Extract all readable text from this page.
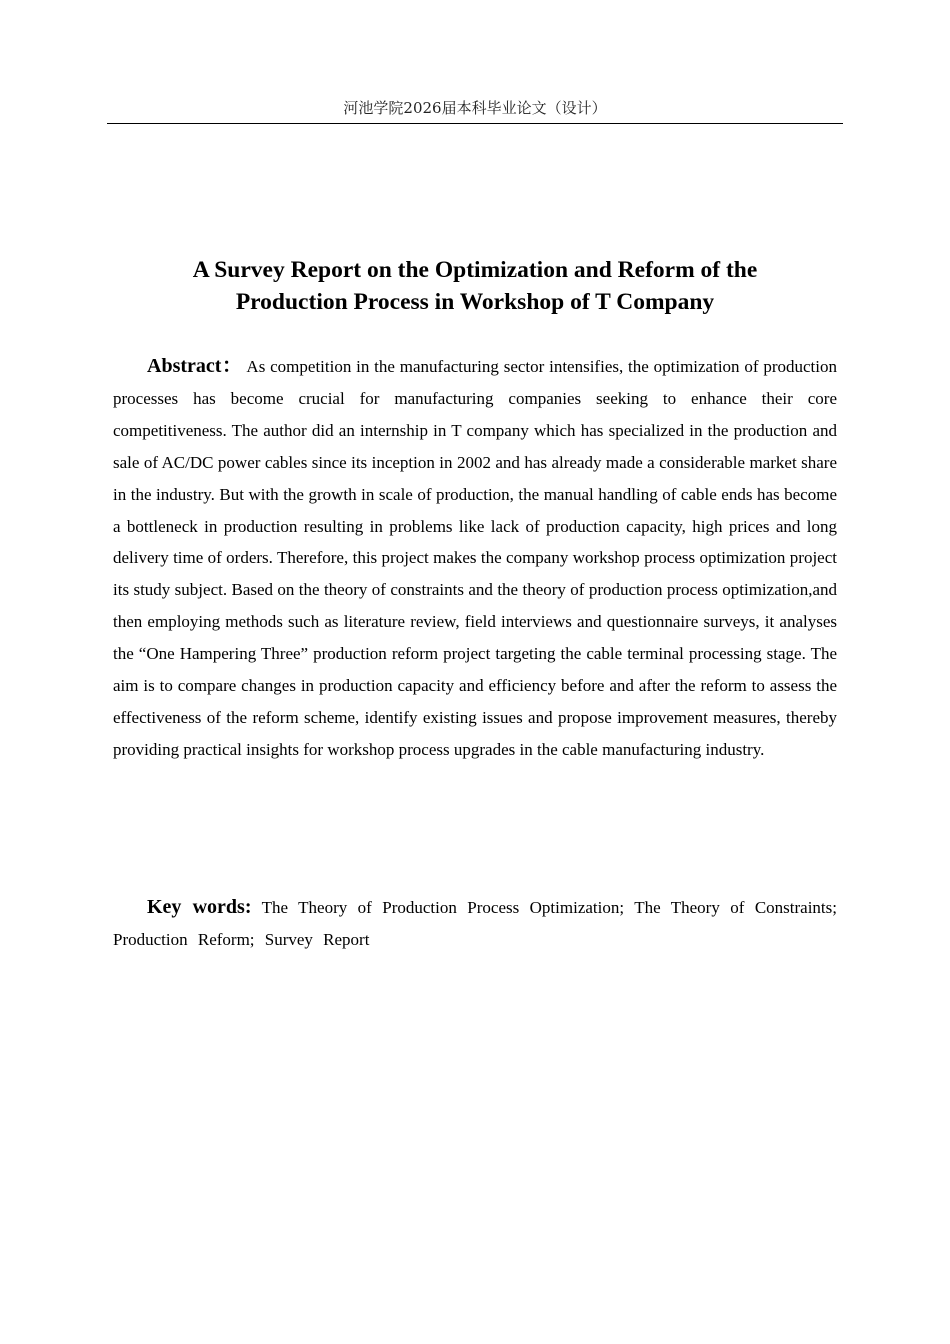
河池学院2026届本科毕业论文（设计）
A Survey Report on the Optimization and Reform of the
Production Process in Workshop of T Company

Abstract： As competition in the manufacturing sector intensifies, the optimization of production processes has become crucial for manufacturing companies seeking to enhance their core competitiveness. The author did an internship in T company which has specialized in the production and sale of AC/DC power cables since its inception in 2002 and has already made a considerable market share in the industry. But with the growth in scale of production, the manual handling of cable ends has become a bottleneck in production resulting in problems like lack of production capacity, high prices and long delivery time of orders. Therefore, this project makes the company workshop process optimization project its study subject. Based on the theory of constraints and the theory of production process optimization,and then employing methods such as literature review, field interviews and questionnaire surveys, it analyses the “One Hampering Three” production reform project targeting the cable terminal processing stage. The aim is to compare changes in production capacity and efficiency before and after the reform to assess the effectiveness of the reform scheme, identify existing issues and propose improvement measures, thereby providing practical insights for workshop process upgrades in the cable manufacturing industry.

Key words: The Theory of Production Process Optimization; The Theory of Constraints; Production Reform; Survey Report
